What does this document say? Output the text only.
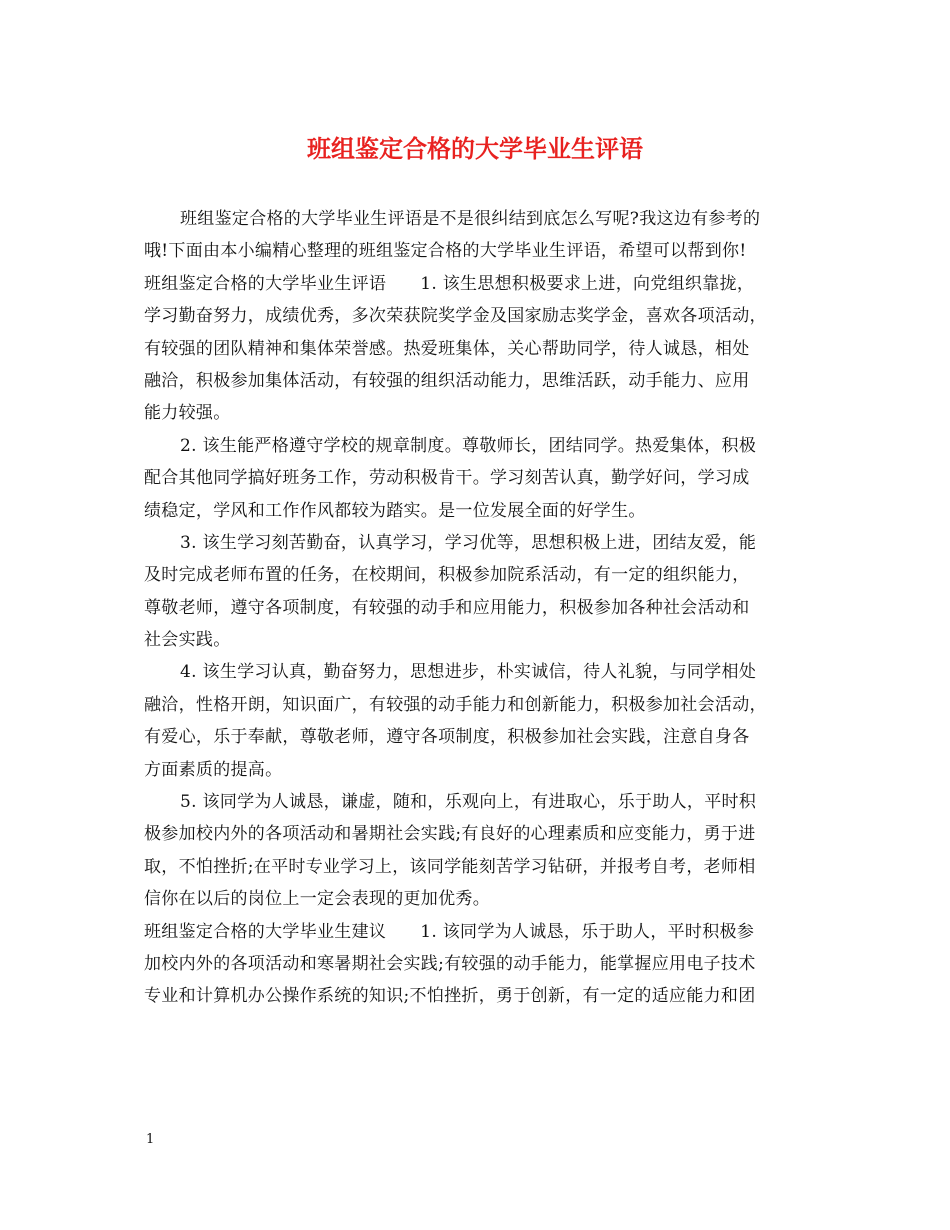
班组鉴定合格的大学毕业生评语
班组鉴定合格的大学毕业生评语是不是很纠结到底怎么写呢?我这边有参考的
哦!下面由本小编精心整理的班组鉴定合格的大学毕业生评语，希望可以帮到你!
班组鉴定合格的大学毕业生评语 1. 该生思想积极要求上进，向党组织靠拢，
学习勤奋努力，成绩优秀，多次荣获院奖学金及国家励志奖学金，喜欢各项活动，
有较强的团队精神和集体荣誉感。热爱班集体，关心帮助同学，待人诚恳，相处
融洽，积极参加集体活动，有较强的组织活动能力，思维活跃，动手能力、应用
能力较强。
2. 该生能严格遵守学校的规章制度。尊敬师长，团结同学。热爱集体，积极
配合其他同学搞好班务工作，劳动积极肯干。学习刻苦认真，勤学好问，学习成
绩稳定，学风和工作作风都较为踏实。是一位发展全面的好学生。
3. 该生学习刻苦勤奋，认真学习，学习优等，思想积极上进，团结友爱，能
及时完成老师布置的任务，在校期间，积极参加院系活动，有一定的组织能力，
尊敬老师，遵守各项制度，有较强的动手和应用能力，积极参加各种社会活动和
社会实践。
4. 该生学习认真，勤奋努力，思想进步，朴实诚信，待人礼貌，与同学相处
融洽，性格开朗，知识面广，有较强的动手能力和创新能力，积极参加社会活动，
有爱心，乐于奉献，尊敬老师，遵守各项制度，积极参加社会实践，注意自身各
方面素质的提高。
5. 该同学为人诚恳，谦虚，随和，乐观向上，有进取心，乐于助人，平时积
极参加校内外的各项活动和暑期社会实践;有良好的心理素质和应变能力，勇于进
取，不怕挫折;在平时专业学习上，该同学能刻苦学习钻研，并报考自考，老师相
信你在以后的岗位上一定会表现的更加优秀。
班组鉴定合格的大学毕业生建议 1. 该同学为人诚恳，乐于助人，平时积极参
加校内外的各项活动和寒暑期社会实践;有较强的动手能力，能掌握应用电子技术
专业和计算机办公操作系统的知识;不怕挫折，勇于创新，有一定的适应能力和团
1
